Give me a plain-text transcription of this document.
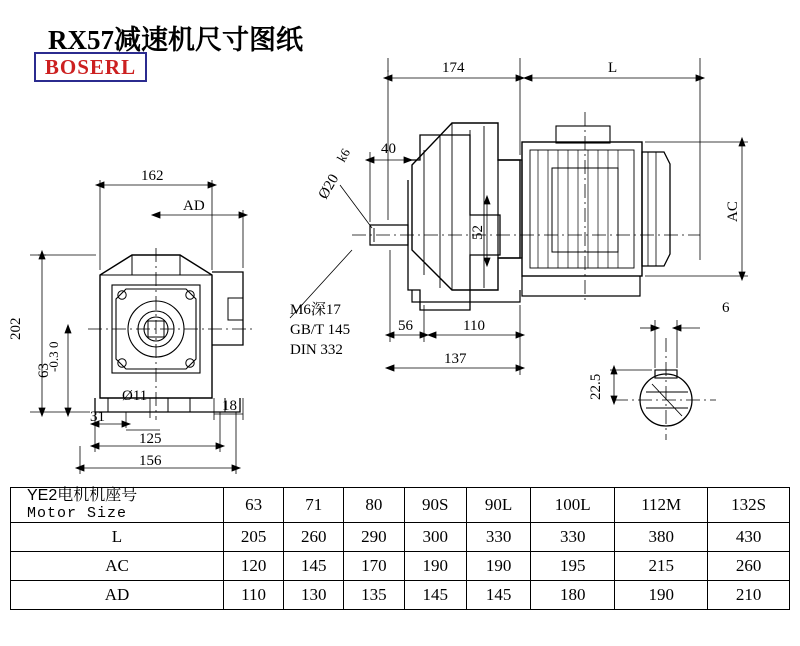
RX57减速机尺寸图纸
BOSERL
162
AD
202
63
0
-0.3
Ø11
31
125
156
18
174	L
Ø20
k6 40
52
AC
M6深17
GB/T 145
DIN 332
56	110
137
6
22.5
YE2电机机座号
Motor Size	63	71	80	90S	90L	100L	112M	132S
L	205	260	290	300	330	330	380	430
AC	120	145	170	190	190	195	215	260
AD	110	130	135	145	145	180	190	210
